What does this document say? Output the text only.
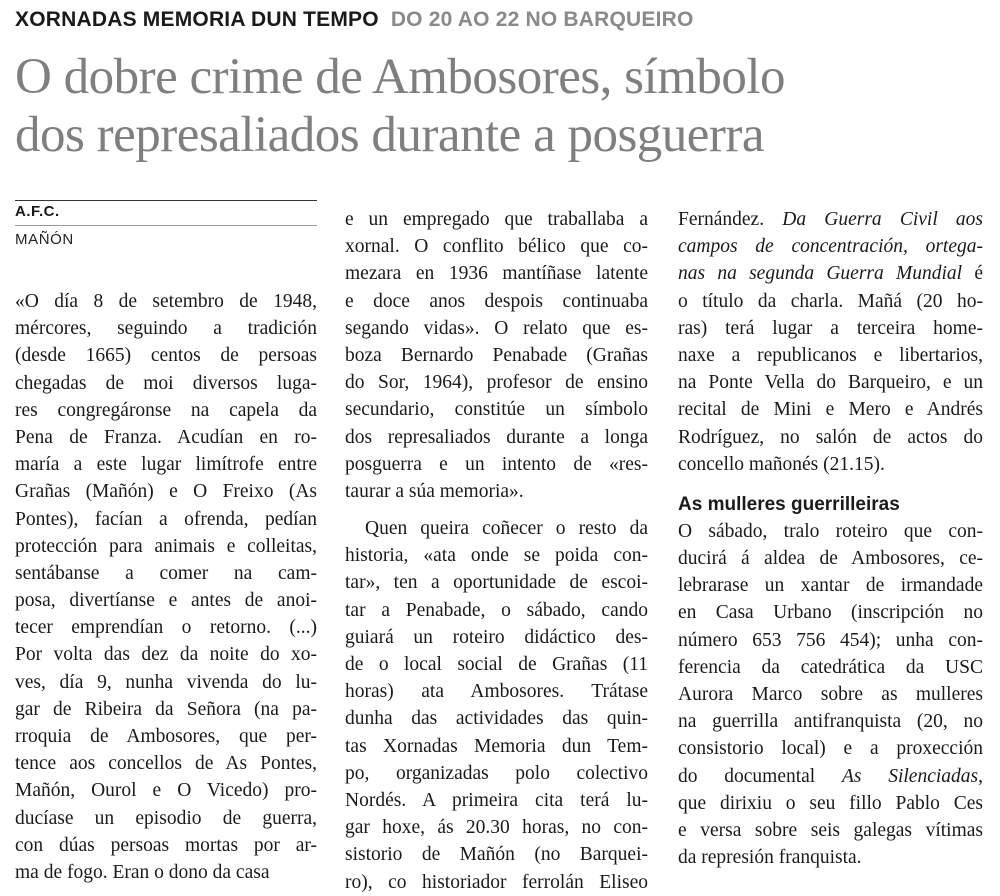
XORNADAS MEMORIA DUN TEMPO DO 20 AO 22 NO BARQUEIRO
O dobre crime de Ambosores, símbolo
dos represaliados durante a posguerra
A.F.C.
MAÑÓN
«O día 8 de setembro de 1948,
mércores, seguindo a tradición
(desde 1665) centos de persoas
chegadas de moi diversos luga-
res congregáronse na capela da
Pena de Franza. Acudían en ro-
maría a este lugar limítrofe entre
Grañas (Mañón) e O Freixo (As
Pontes), facían a ofrenda, pedían
protección para animais e colleitas,
sentábanse a comer na cam-
posa, divertíanse e antes de anoi-
tecer emprendían o retorno. (...)
Por volta das dez da noite do xo-
ves, día 9, nunha vivenda do lu-
gar de Ribeira da Señora (na pa-
rroquia de Ambosores, que per-
tence aos concellos de As Pontes,
Mañón, Ourol e O Vicedo) pro-
ducíase un episodio de guerra,
con dúas persoas mortas por ar-
ma de fogo. Eran o dono da casa
e un empregado que traballaba a
xornal. O conflito bélico que co-
mezara en 1936 mantíñase latente
e doce anos despois continuaba
segando vidas». O relato que es-
boza Bernardo Penabade (Grañas
do Sor, 1964), profesor de ensino
secundario, constitúe un símbolo
dos represaliados durante a longa
posguerra e un intento de «res-
taurar a súa memoria».
Quen queira coñecer o resto da
historia, «ata onde se poida con-
tar», ten a oportunidade de escoi-
tar a Penabade, o sábado, cando
guiará un roteiro didáctico des-
de o local social de Grañas (11
horas) ata Ambosores. Trátase
dunha das actividades das quin-
tas Xornadas Memoria dun Tem-
po, organizadas polo colectivo
Nordés. A primeira cita terá lu-
gar hoxe, ás 20.30 horas, no con-
sistorio de Mañón (no Barquei-
ro), co historiador ferrolán Eliseo
Fernández. Da Guerra Civil aos
campos de concentración, ortega-
nas na segunda Guerra Mundial é
o título da charla. Mañá (20 ho-
ras) terá lugar a terceira home-
naxe a republicanos e libertarios,
na Ponte Vella do Barqueiro, e un
recital de Mini e Mero e Andrés
Rodríguez, no salón de actos do
concello mañonés (21.15).
As mulleres guerrilleiras
O sábado, tralo roteiro que con-
ducirá á aldea de Ambosores, ce-
lebrarase un xantar de irmandade
en Casa Urbano (inscripción no
número 653 756 454); unha con-
ferencia da catedrática da USC
Aurora Marco sobre as mulleres
na guerrilla antifranquista (20, no
consistorio local) e a proxección
do documental As Silenciadas,
que dirixiu o seu fillo Pablo Ces
e versa sobre seis galegas vítimas
da represión franquista.
